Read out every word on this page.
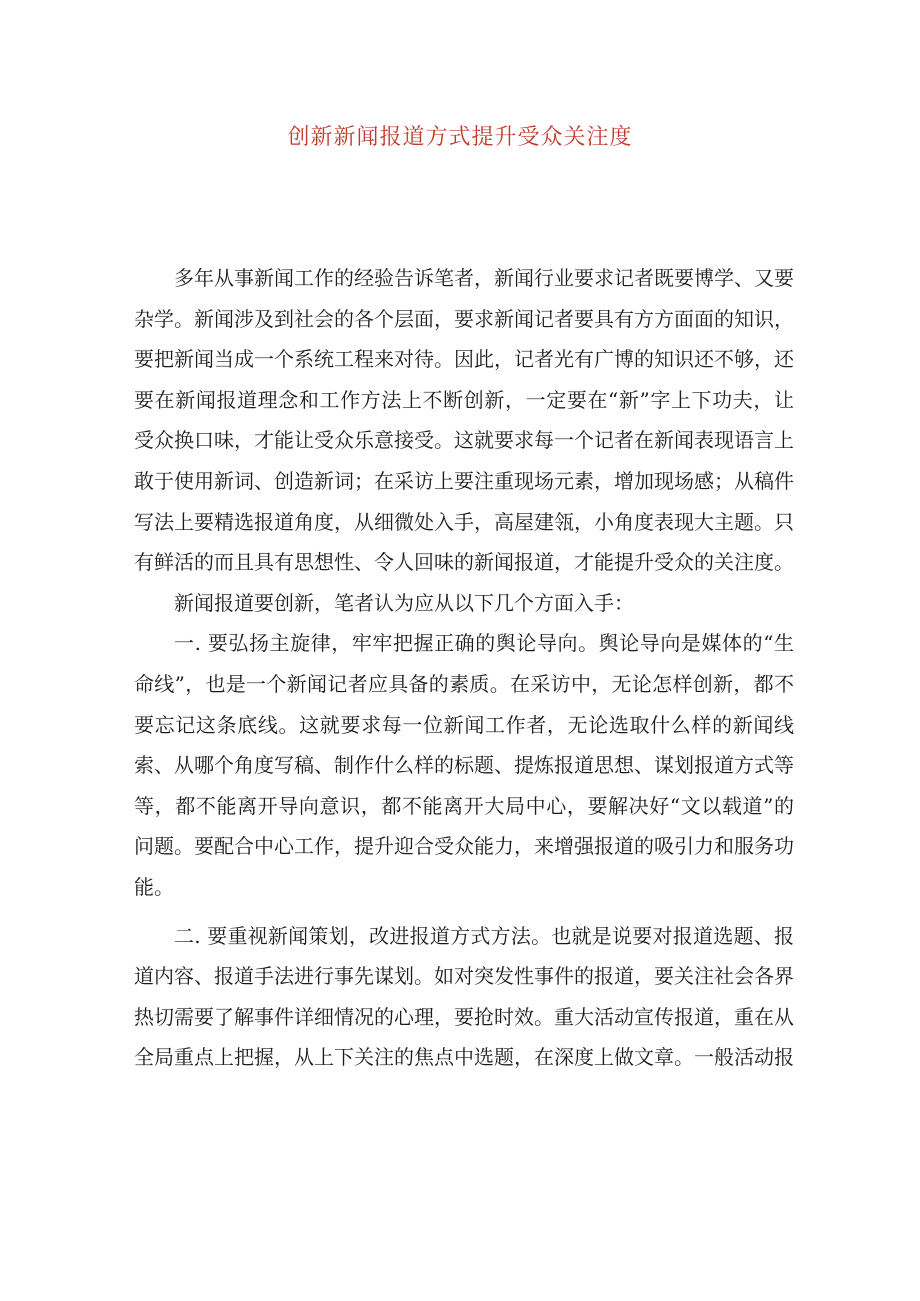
创新新闻报道方式提升受众关注度

多年从事新闻工作的经验告诉笔者，新闻行业要求记者既要博学、又要杂学。新闻涉及到社会的各个层面，要求新闻记者要具有方方面面的知识，要把新闻当成一个系统工程来对待。因此，记者光有广博的知识还不够，还要在新闻报道理念和工作方法上不断创新，一定要在“新”字上下功夫，让受众换口味，才能让受众乐意接受。这就要求每一个记者在新闻表现语言上敢于使用新词、创造新词；在采访上要注重现场元素，增加现场感；从稿件写法上要精选报道角度，从细微处入手，高屋建瓴，小角度表现大主题。只有鲜活的而且具有思想性、令人回味的新闻报道，才能提升受众的关注度。

新闻报道要创新，笔者认为应从以下几个方面入手：

一. 要弘扬主旋律，牢牢把握正确的舆论导向。舆论导向是媒体的“生命线”，也是一个新闻记者应具备的素质。在采访中，无论怎样创新，都不要忘记这条底线。这就要求每一位新闻工作者，无论选取什么样的新闻线索、从哪个角度写稿、制作什么样的标题、提炼报道思想、谋划报道方式等等，都不能离开导向意识，都不能离开大局中心，要解决好“文以载道”的问题。要配合中心工作，提升迎合受众能力，来增强报道的吸引力和服务功能。

二. 要重视新闻策划，改进报道方式方法。也就是说要对报道选题、报道内容、报道手法进行事先谋划。如对突发性事件的报道，要关注社会各界热切需要了解事件详细情况的心理，要抢时效。重大活动宣传报道，重在从全局重点上把握，从上下关注的焦点中选题，在深度上做文章。一般活动报
